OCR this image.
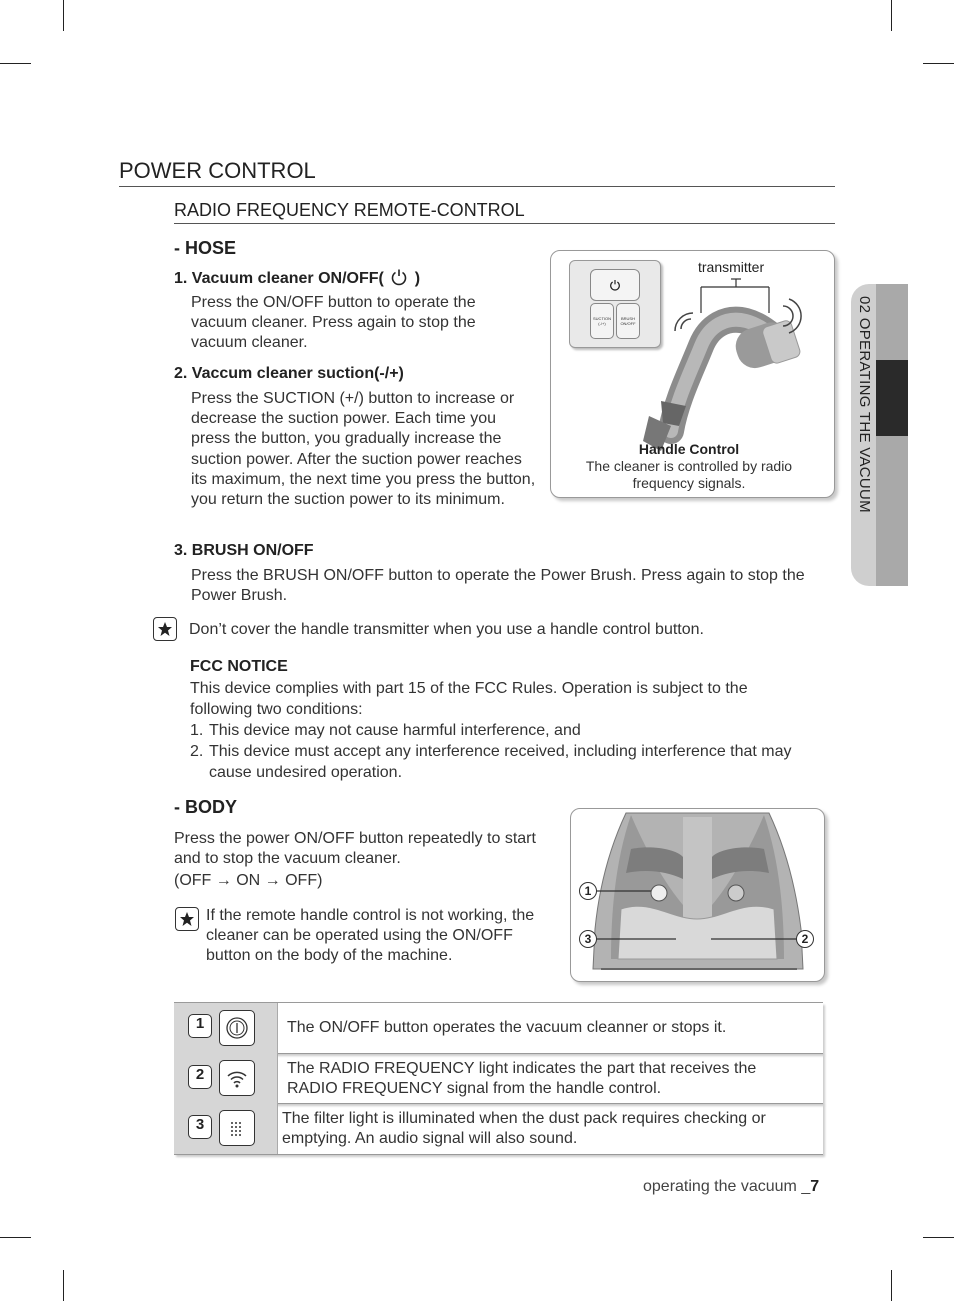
02 OPERATING THE VACUUM
POWER CONTROL
RADIO FREQUENCY REMOTE-CONTROL
- HOSE
1. Vacuum cleaner ON/OFF( )
Press the ON/OFF button to operate the vacuum cleaner. Press again to stop the vacuum cleaner.
2. Vaccum cleaner suction(-/+)
Press the SUCTION (+/) button to increase or decrease the suction power. Each time you press the button, you gradually increase the suction power. After the suction power reaches its maximum, the next time you press the button, you return the suction power to its minimum.
3. BRUSH ON/OFF
Press the BRUSH ON/OFF button to operate the Power Brush. Press again to stop the Power Brush.
Don’t cover the handle transmitter when you use a handle control button.
transmitter
SUCTION (-/+)
BRUSH ON/OFF
Handle Control
The cleaner is controlled by radio frequency signals.
FCC NOTICE
This device complies with part 15 of the FCC Rules. Operation is subject to the following two conditions:
1. This device may not cause harmful interference, and
2. This device must accept any interference received, including interference that may cause undesired operation.
- BODY
Press the power ON/OFF button repeatedly to start and to stop the vacuum cleaner.
(OFF → ON → OFF)
If the remote handle control is not working, the cleaner can be operated using the ON/OFF button on the body of the machine.
1
3	2
1	The ON/OFF button operates the vacuum cleanner or stops it.
2	The RADIO FREQUENCY light indicates the part that receives the RADIO FREQUENCY signal from the handle control.
3	The filter light is illuminated when the dust pack requires checking or emptying. An audio signal will also sound.
operating the vacuum _7
